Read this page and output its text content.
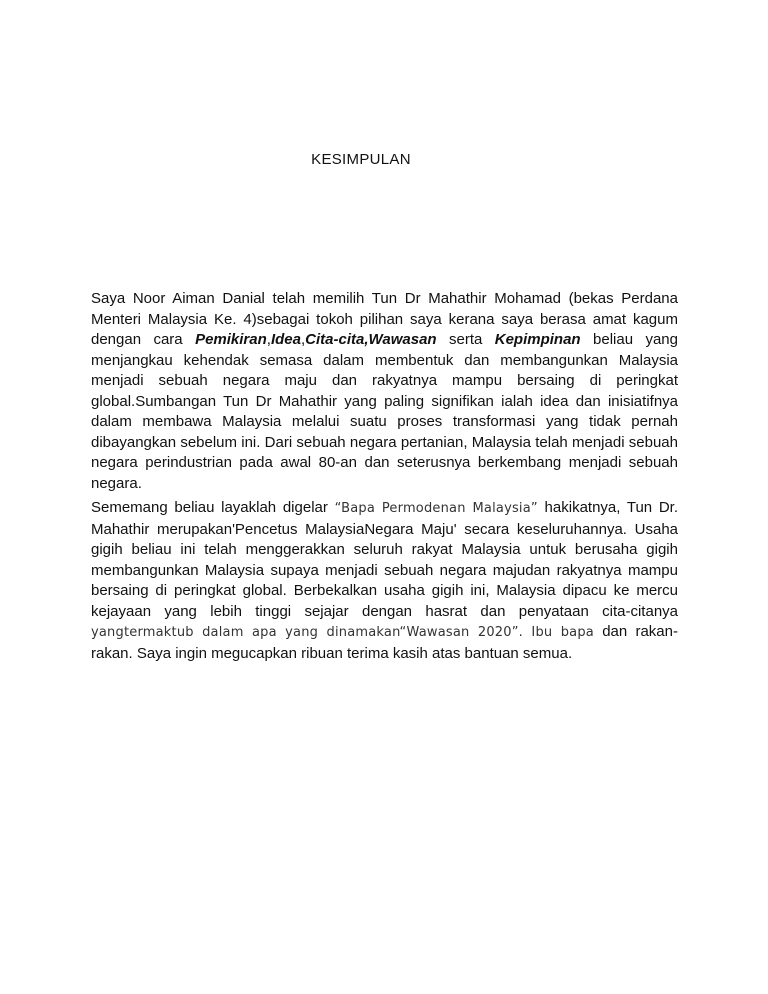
KESIMPULAN

Saya Noor Aiman Danial telah memilih Tun Dr Mahathir Mohamad (bekas Perdana Menteri Malaysia Ke. 4)sebagai tokoh pilihan saya kerana saya berasa amat kagum dengan cara Pemikiran,Idea,Cita-cita,Wawasan serta Kepimpinan beliau yang menjangkau kehendak semasa dalam membentuk dan membangunkan Malaysia menjadi sebuah negara maju dan rakyatnya mampu bersaing di peringkat global.Sumbangan Tun Dr Mahathir yang paling signifikan ialah idea dan inisiatifnya dalam membawa Malaysia melalui suatu proses transformasi yang tidak pernah dibayangkan sebelum ini. Dari sebuah negara pertanian, Malaysia telah menjadi sebuah negara perindustrian pada awal 80-an dan seterusnya berkembang menjadi sebuah negara.

Sememang beliau layaklah digelar “Bapa Permodenan Malaysia” hakikatnya, Tun Dr. Mahathir merupakan'Pencetus MalaysiaNegara Maju' secara keseluruhannya. Usaha gigih beliau ini telah menggerakkan seluruh rakyat Malaysia untuk berusaha gigih membangunkan Malaysia supaya menjadi sebuah negara majudan rakyatnya mampu bersaing di peringkat global. Berbekalkan usaha gigih ini, Malaysia dipacu ke mercu kejayaan yang lebih tinggi sejajar dengan hasrat dan penyataan cita-citanya yangtermaktub dalam apa yang dinamakan“Wawasan 2020”. Ibu bapa dan rakan-rakan. Saya ingin megucapkan ribuan terima kasih atas bantuan semua.
